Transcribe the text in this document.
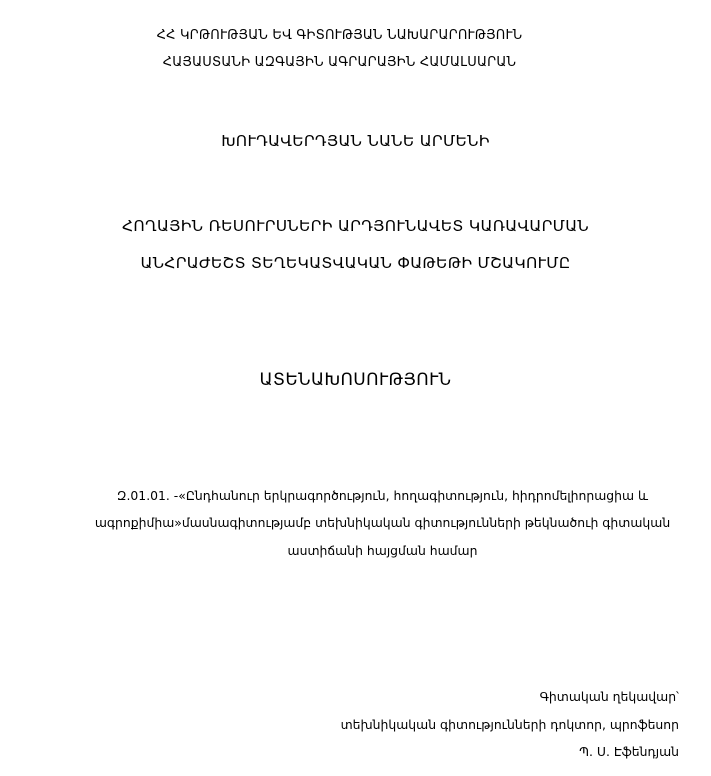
ՀՀ ԿՐԹՈՒԹՅԱՆ ԵՎ ԳԻՏՈՒԹՅԱՆ ՆԱԽԱՐԱՐՈՒԹՅՈՒՆ
ՀԱՅԱՍՏԱՆԻ ԱԶԳԱՅԻՆ ԱԳՐԱՐԱՅԻՆ ՀԱՄԱԼՍԱՐԱՆ
ԽՈՒԴԱՎԵՐԴՅԱՆ ՆԱՆԵ ԱՐՄԵՆԻ
ՀՈՂԱՅԻՆ ՌԵՍՈՒՐՍՆԵՐԻ ԱՐԴՅՈՒՆԱՎԵՏ ԿԱՌԱՎԱՐՄԱՆ
ԱՆՀՐԱԺԵՇՏ ՏԵՂԵԿԱՏՎԱԿԱՆ ՓԱԹԵԹԻ ՄՇԱԿՈՒՄԸ
ԱՏԵՆԱԽՈՍՈՒԹՅՈՒՆ
Զ.01.01. -«Ընդհանուր երկրագործություն, հողագիտություն, հիդրոմելիորացիա և
ագրոքիմիա»մասնագիտությամբ տեխնիկական գիտությունների թեկնածուի գիտական
աստիճանի հայցման համար
Գիտական ղեկավար՝
տեխնիկական գիտությունների դոկտոր, պրոֆեսոր
Պ. Ս. Էֆենդյան
